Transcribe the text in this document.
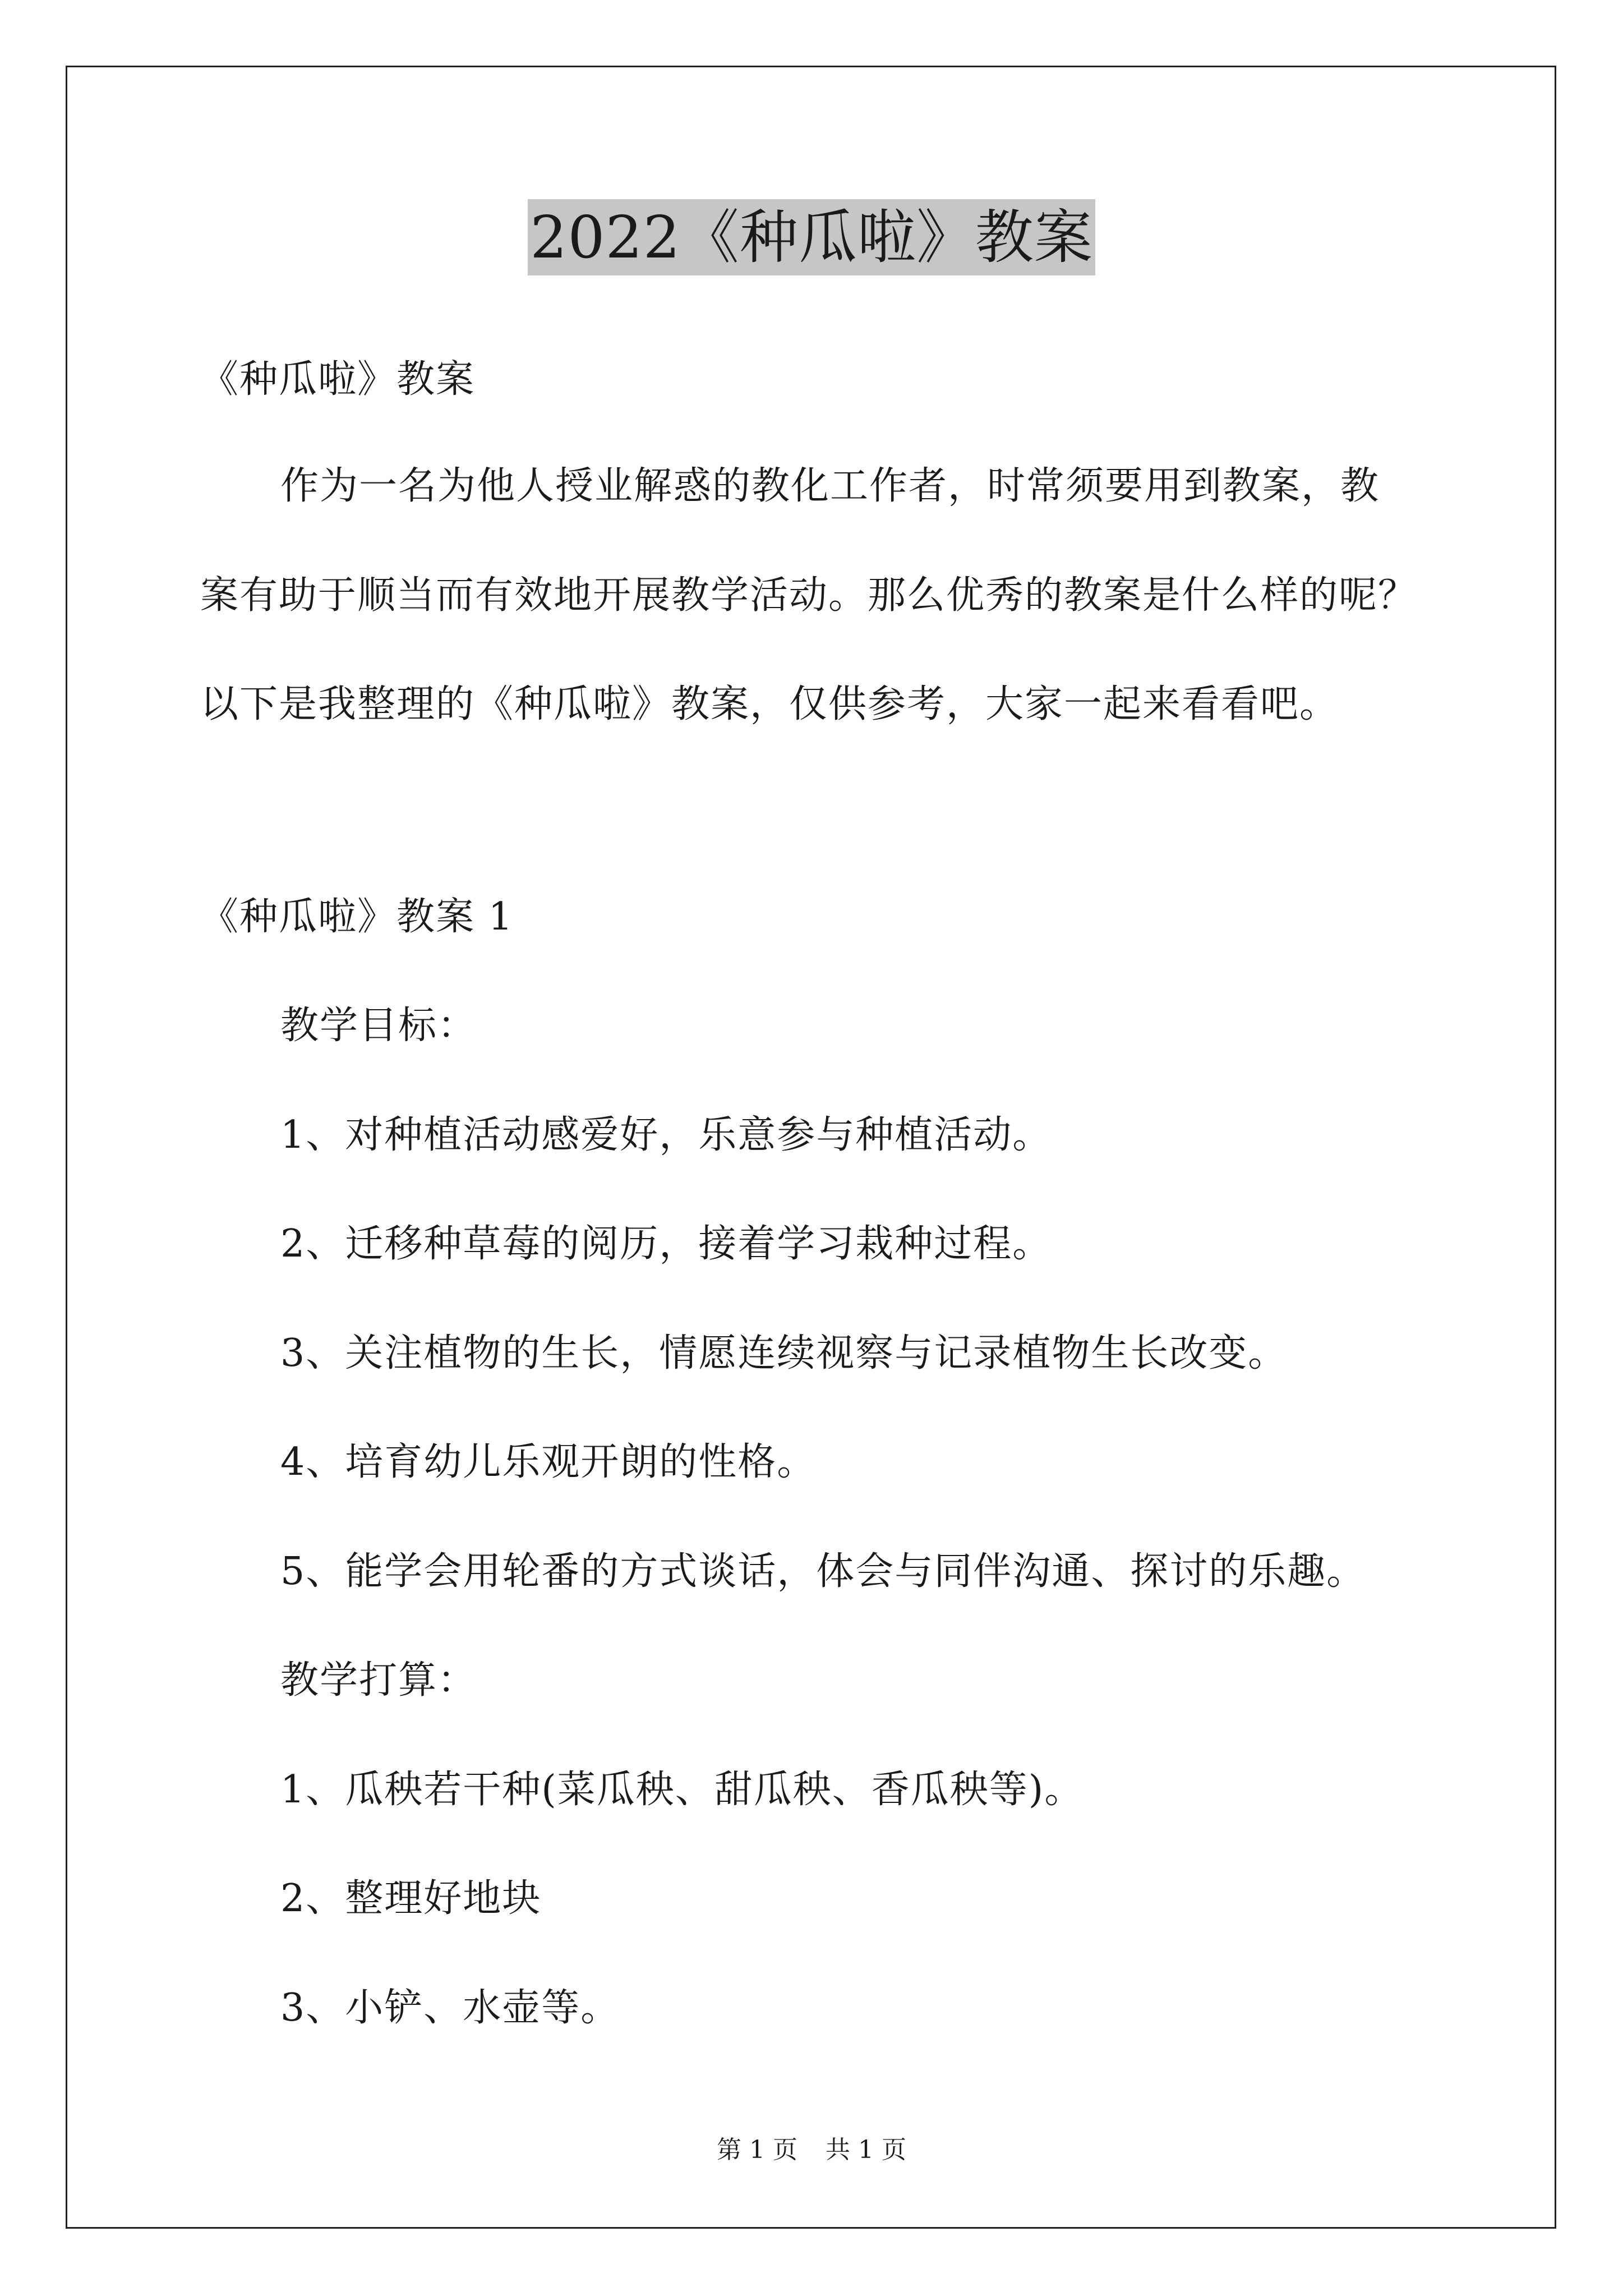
2022《种瓜啦》教案
《种瓜啦》教案
作为一名为他人授业解惑的教化工作者，时常须要用到教案，教
案有助于顺当而有效地开展教学活动。那么优秀的教案是什么样的呢？
以下是我整理的《种瓜啦》教案，仅供参考，大家一起来看看吧。
《种瓜啦》教案 1
教学目标：
1、对种植活动感爱好，乐意参与种植活动。
2、迁移种草莓的阅历，接着学习栽种过程。
3、关注植物的生长，情愿连续视察与记录植物生长改变。
4、培育幼儿乐观开朗的性格。
5、能学会用轮番的方式谈话，体会与同伴沟通、探讨的乐趣。
教学打算：
1、瓜秧若干种(菜瓜秧、甜瓜秧、香瓜秧等)。
2、整理好地块
3、小铲、水壶等。
第 1 页 共 1 页
